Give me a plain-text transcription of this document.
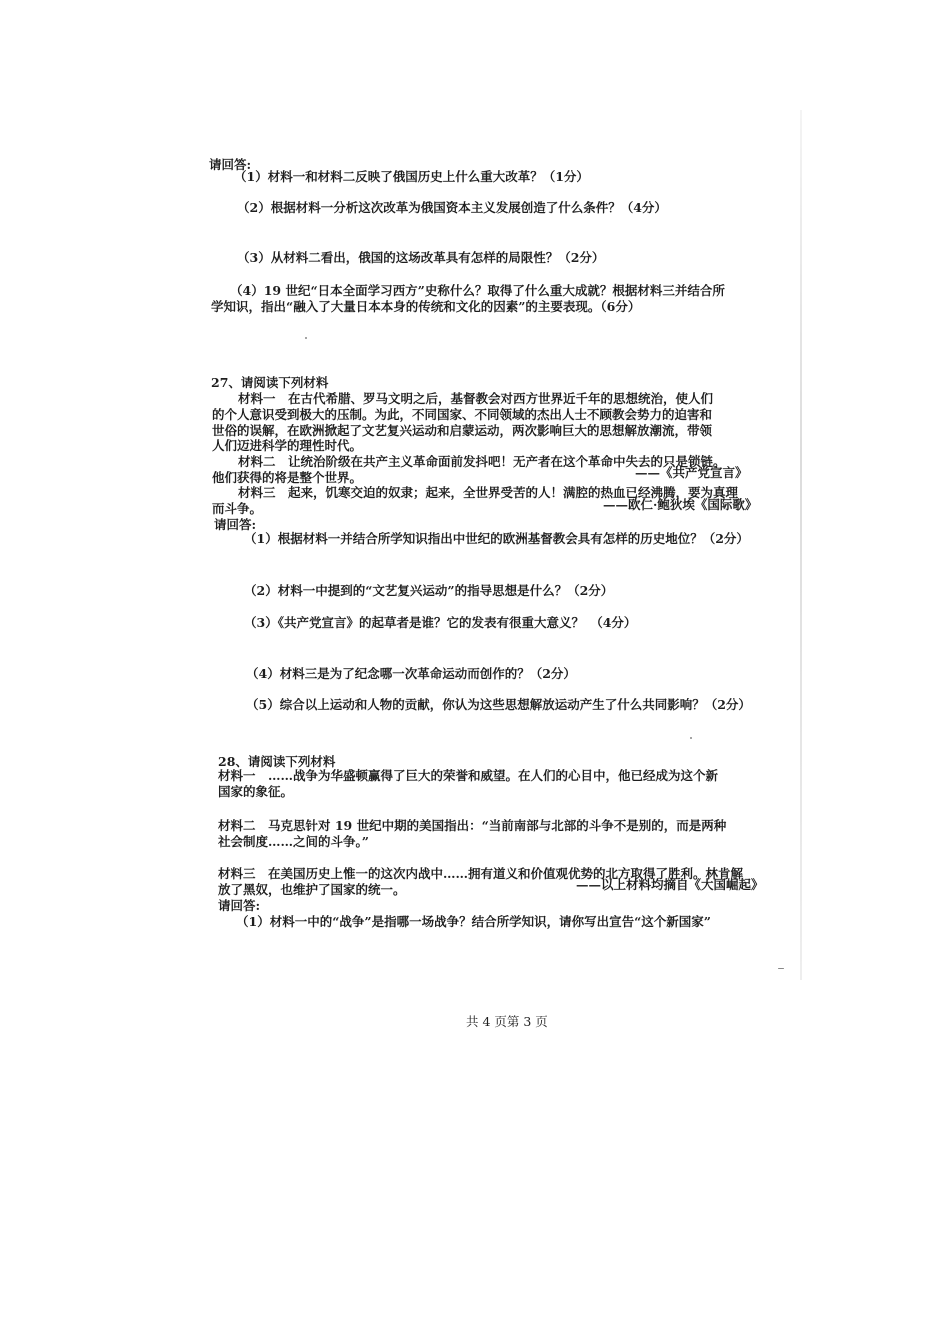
请回答:
（1）材料一和材料二反映了俄国历史上什么重大改革？（1分）
（2）根据材料一分析这次改革为俄国资本主义发展创造了什么条件？（4分）
（3）从材料二看出，俄国的这场改革具有怎样的局限性？（2分）
（4）19 世纪“日本全面学习西方”史称什么？取得了什么重大成就？根据材料三并结合所
学知识，指出“融入了大量日本本身的传统和文化的因素”的主要表现。（6分）
27、请阅读下列材料
材料一　在古代希腊、罗马文明之后，基督教会对西方世界近千年的思想统治，使人们
的个人意识受到极大的压制。为此，不同国家、不同领域的杰出人士不顾教会势力的迫害和
世俗的误解，在欧洲掀起了文艺复兴运动和启蒙运动，两次影响巨大的思想解放潮流，带领
人们迈进科学的理性时代。
材料二　让统治阶级在共产主义革命面前发抖吧！无产者在这个革命中失去的只是锁链。
——《共产党宣言》
他们获得的将是整个世界。
材料三　起来，饥寒交迫的奴隶；起来，全世界受苦的人！满腔的热血已经沸腾，要为真理
而斗争。	——欧仁·鲍狄埃《国际歌》
请回答:
（1）根据材料一并结合所学知识指出中世纪的欧洲基督教会具有怎样的历史地位？（2分）
（2）材料一中提到的“文艺复兴运动”的指导思想是什么？（2分）
（3）《共产党宣言》的起草者是谁？它的发表有很重大意义？　（4分）
（4）材料三是为了纪念哪一次革命运动而创作的？（2分）
（5）综合以上运动和人物的贡献，你认为这些思想解放运动产生了什么共同影响？（2分）
28、请阅读下列材料
材料一　……战争为华盛顿赢得了巨大的荣誉和威望。在人们的心目中，他已经成为这个新
国家的象征。
材料二　马克思针对 19 世纪中期的美国指出：“当前南部与北部的斗争不是别的，而是两种
社会制度……之间的斗争。”
材料三　在美国历史上惟一的这次内战中……拥有道义和价值观优势的北方取得了胜利。林肯解
放了黑奴，也维护了国家的统一。	——以上材料均摘自《大国崛起》
请回答:
（1）材料一中的“战争”是指哪一场战争？结合所学知识，请你写出宣告“这个新国家”
共 4 页第 3 页
